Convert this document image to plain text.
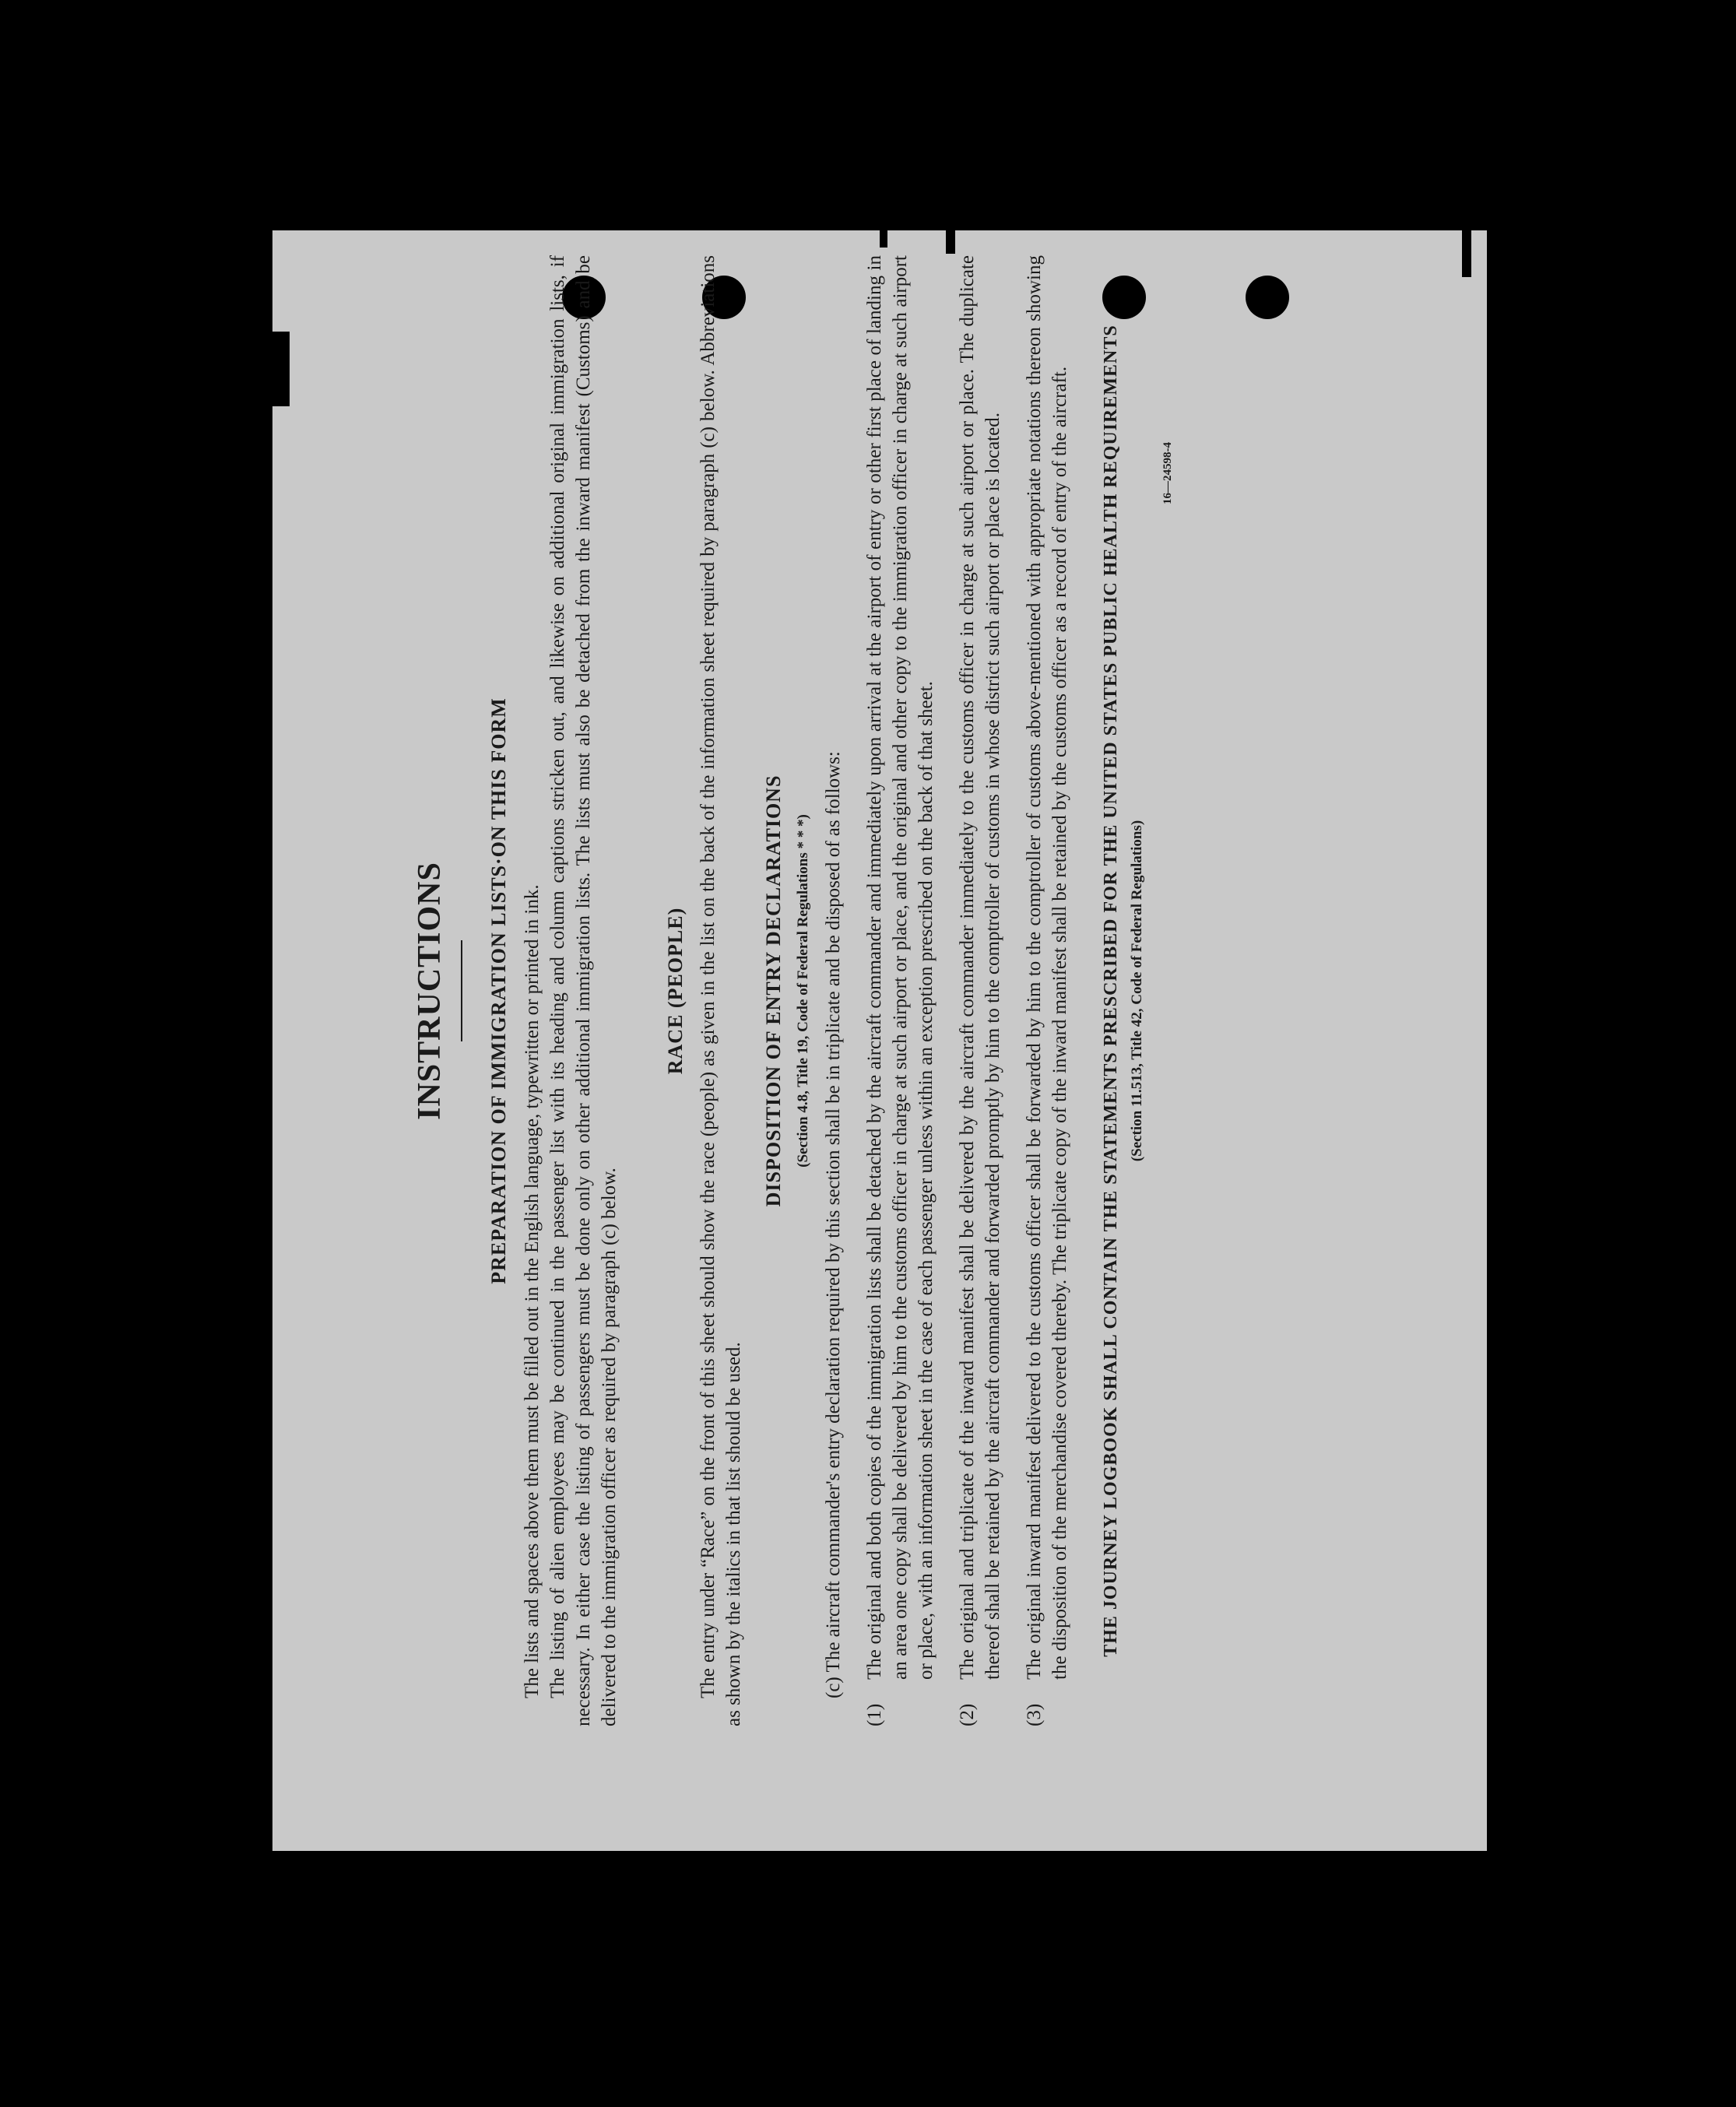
INSTRUCTIONS PREPARATION OF IMMIGRATION LISTS·ON THIS FORM The lists and spaces above them must be filled out in the English language, typewritten or printed in ink. The listing of alien employees may be continued in the passenger list with its heading and column captions stricken out, and likewise on additional original immigration lists, if necessary. In either case the listing of passengers must be done only on other additional immigration lists. The lists must also be detached from the inward manifest (Customs) and be delivered to the immigration officer as required by paragraph (c) below.

RACE (PEOPLE) The entry under “Race” on the front of this sheet should show the race (people) as given in the list on the back of the information sheet required by paragraph (c) below. Abbreviations as shown by the italics in that list should be used.

DISPOSITION OF ENTRY DECLARATIONS (Section 4.8, Title 19, Code of Federal Regulations * * *) (c) The aircraft commander's entry declaration required by this section shall be in triplicate and be disposed of as follows:

(1)
The original and both copies of the immigration lists shall be detached by the aircraft commander and immediately upon arrival at the airport of entry or other first place of landing in an area one copy shall be delivered by him to the customs officer in charge at such airport or place, and the original and other copy to the immigration officer in charge at such airport or place, with an information sheet in the case of each passenger unless within an exception prescribed on the back of that sheet.
(2)
The original and triplicate of the inward manifest shall be delivered by the aircraft commander immediately to the customs officer in charge at such airport or place. The duplicate thereof shall be retained by the aircraft commander and forwarded promptly by him to the comptroller of customs in whose district such airport or place is located.
(3)
The original inward manifest delivered to the customs officer shall be forwarded by him to the comptroller of customs above-mentioned with appropriate notations thereon showing the disposition of the merchandise covered thereby. The triplicate copy of the inward manifest shall be retained by the customs officer as a record of entry of the aircraft. THE JOURNEY LOGBOOK SHALL CONTAIN THE STATEMENTS PRESCRIBED FOR THE UNITED STATES PUBLIC HEALTH REQUIREMENTS (Section 11.513, Title 42, Code of Federal Regulations)
16—24598-4
